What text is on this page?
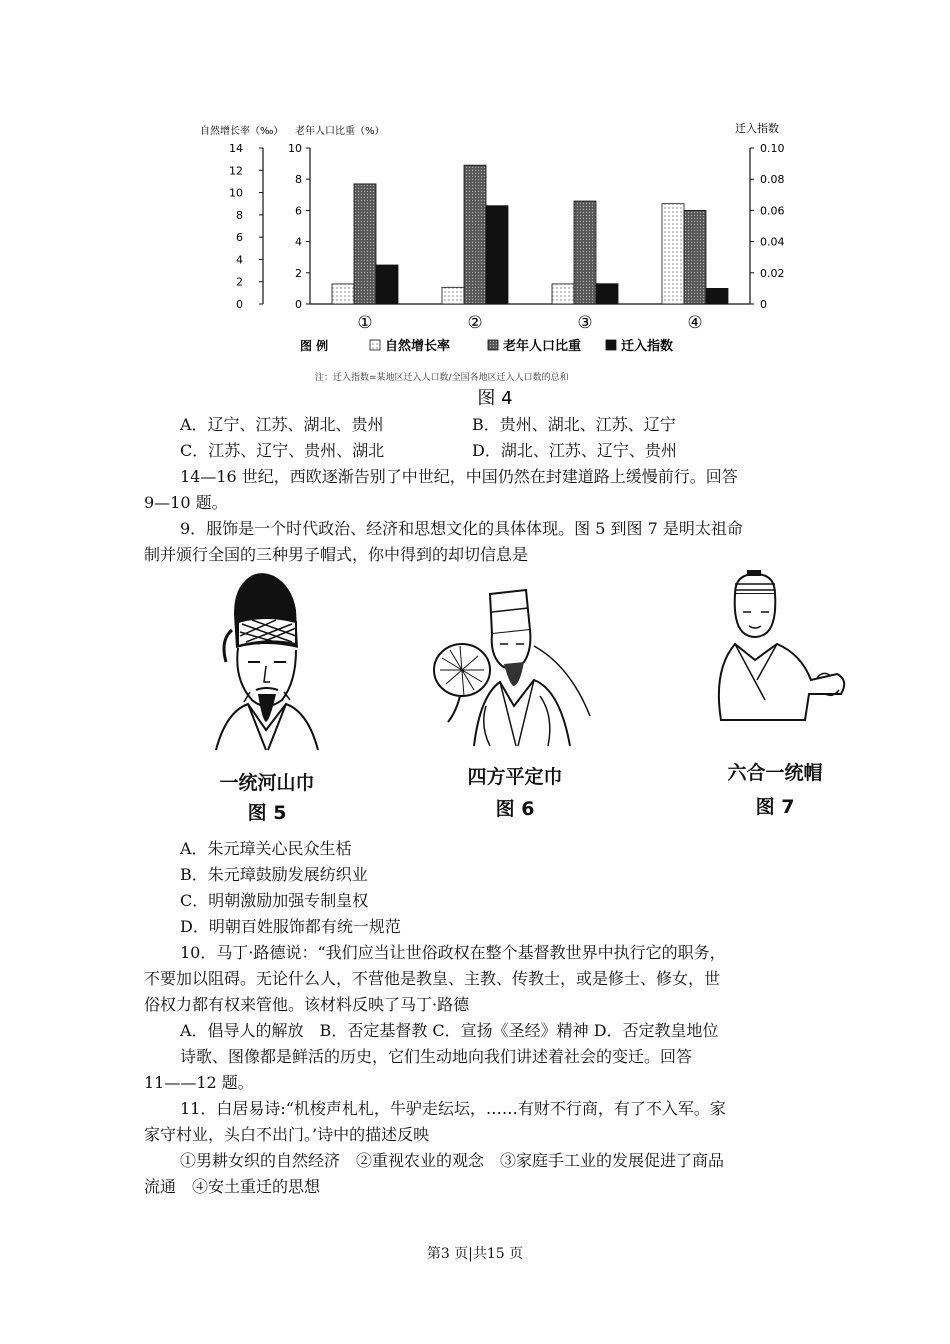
自然增长率（‰） 老年人口比重（%）	迁入指数
14
12
10
8
6
4
2
0
10
8
6
4
2
0
0.10
0.08
0.06
0.04
0.02
0
①	②	③	④
图 例	自然增长率	老年人口比重	迁入指数
注：迁入指数=某地区迁入人口数/全国各地区迁入人口数的总和
图 4
A．辽宁、江苏、湖北、贵州	B．贵州、湖北、江苏、辽宁
C．江苏、辽宁、贵州、湖北	D．湖北、江苏、辽宁、贵州
14—16 世纪，西欧逐渐告别了中世纪，中国仍然在封建道路上缓慢前行。回答
9—10 题。
9．服饰是一个时代政治、经济和思想文化的具体体现。图 5 到图 7 是明太祖命
制并颁行全国的三种男子帽式，你中得到的却切信息是
一统河山巾
图 5
四方平定巾
图 6
六合一统帽
图 7
A．朱元璋关心民众生栝
B．朱元璋鼓励发展纺织业
C．明朝激励加强专制皇权
D．明朝百姓服饰都有统一规范
10．马丁·路德说：“我们应当让世俗政权在整个基督教世界中执行它的职务，
不要加以阻碍。无论什么人，不营他是教皇、主教、传教士，或是修士、修女，世
俗权力都有权来管他。该材料反映了马丁·路德
A．倡导人的解放　B．否定基督教 C．宣扬《圣经》精神 D．否定教皇地位
诗歌、图像都是鲜活的历史，它们生动地向我们讲述着社会的变迁。回答
11——12 题。
11．白居易诗:“机梭声札札，牛驴走纭坛，……有财不行商，有了不入军。家
家守村业，头白不出门。’诗中的描述反映
①男耕女织的自然经济　②重视农业的观念　③家庭手工业的发展促进了商品
流通　④安土重迁的思想
第3 页|共15 页
